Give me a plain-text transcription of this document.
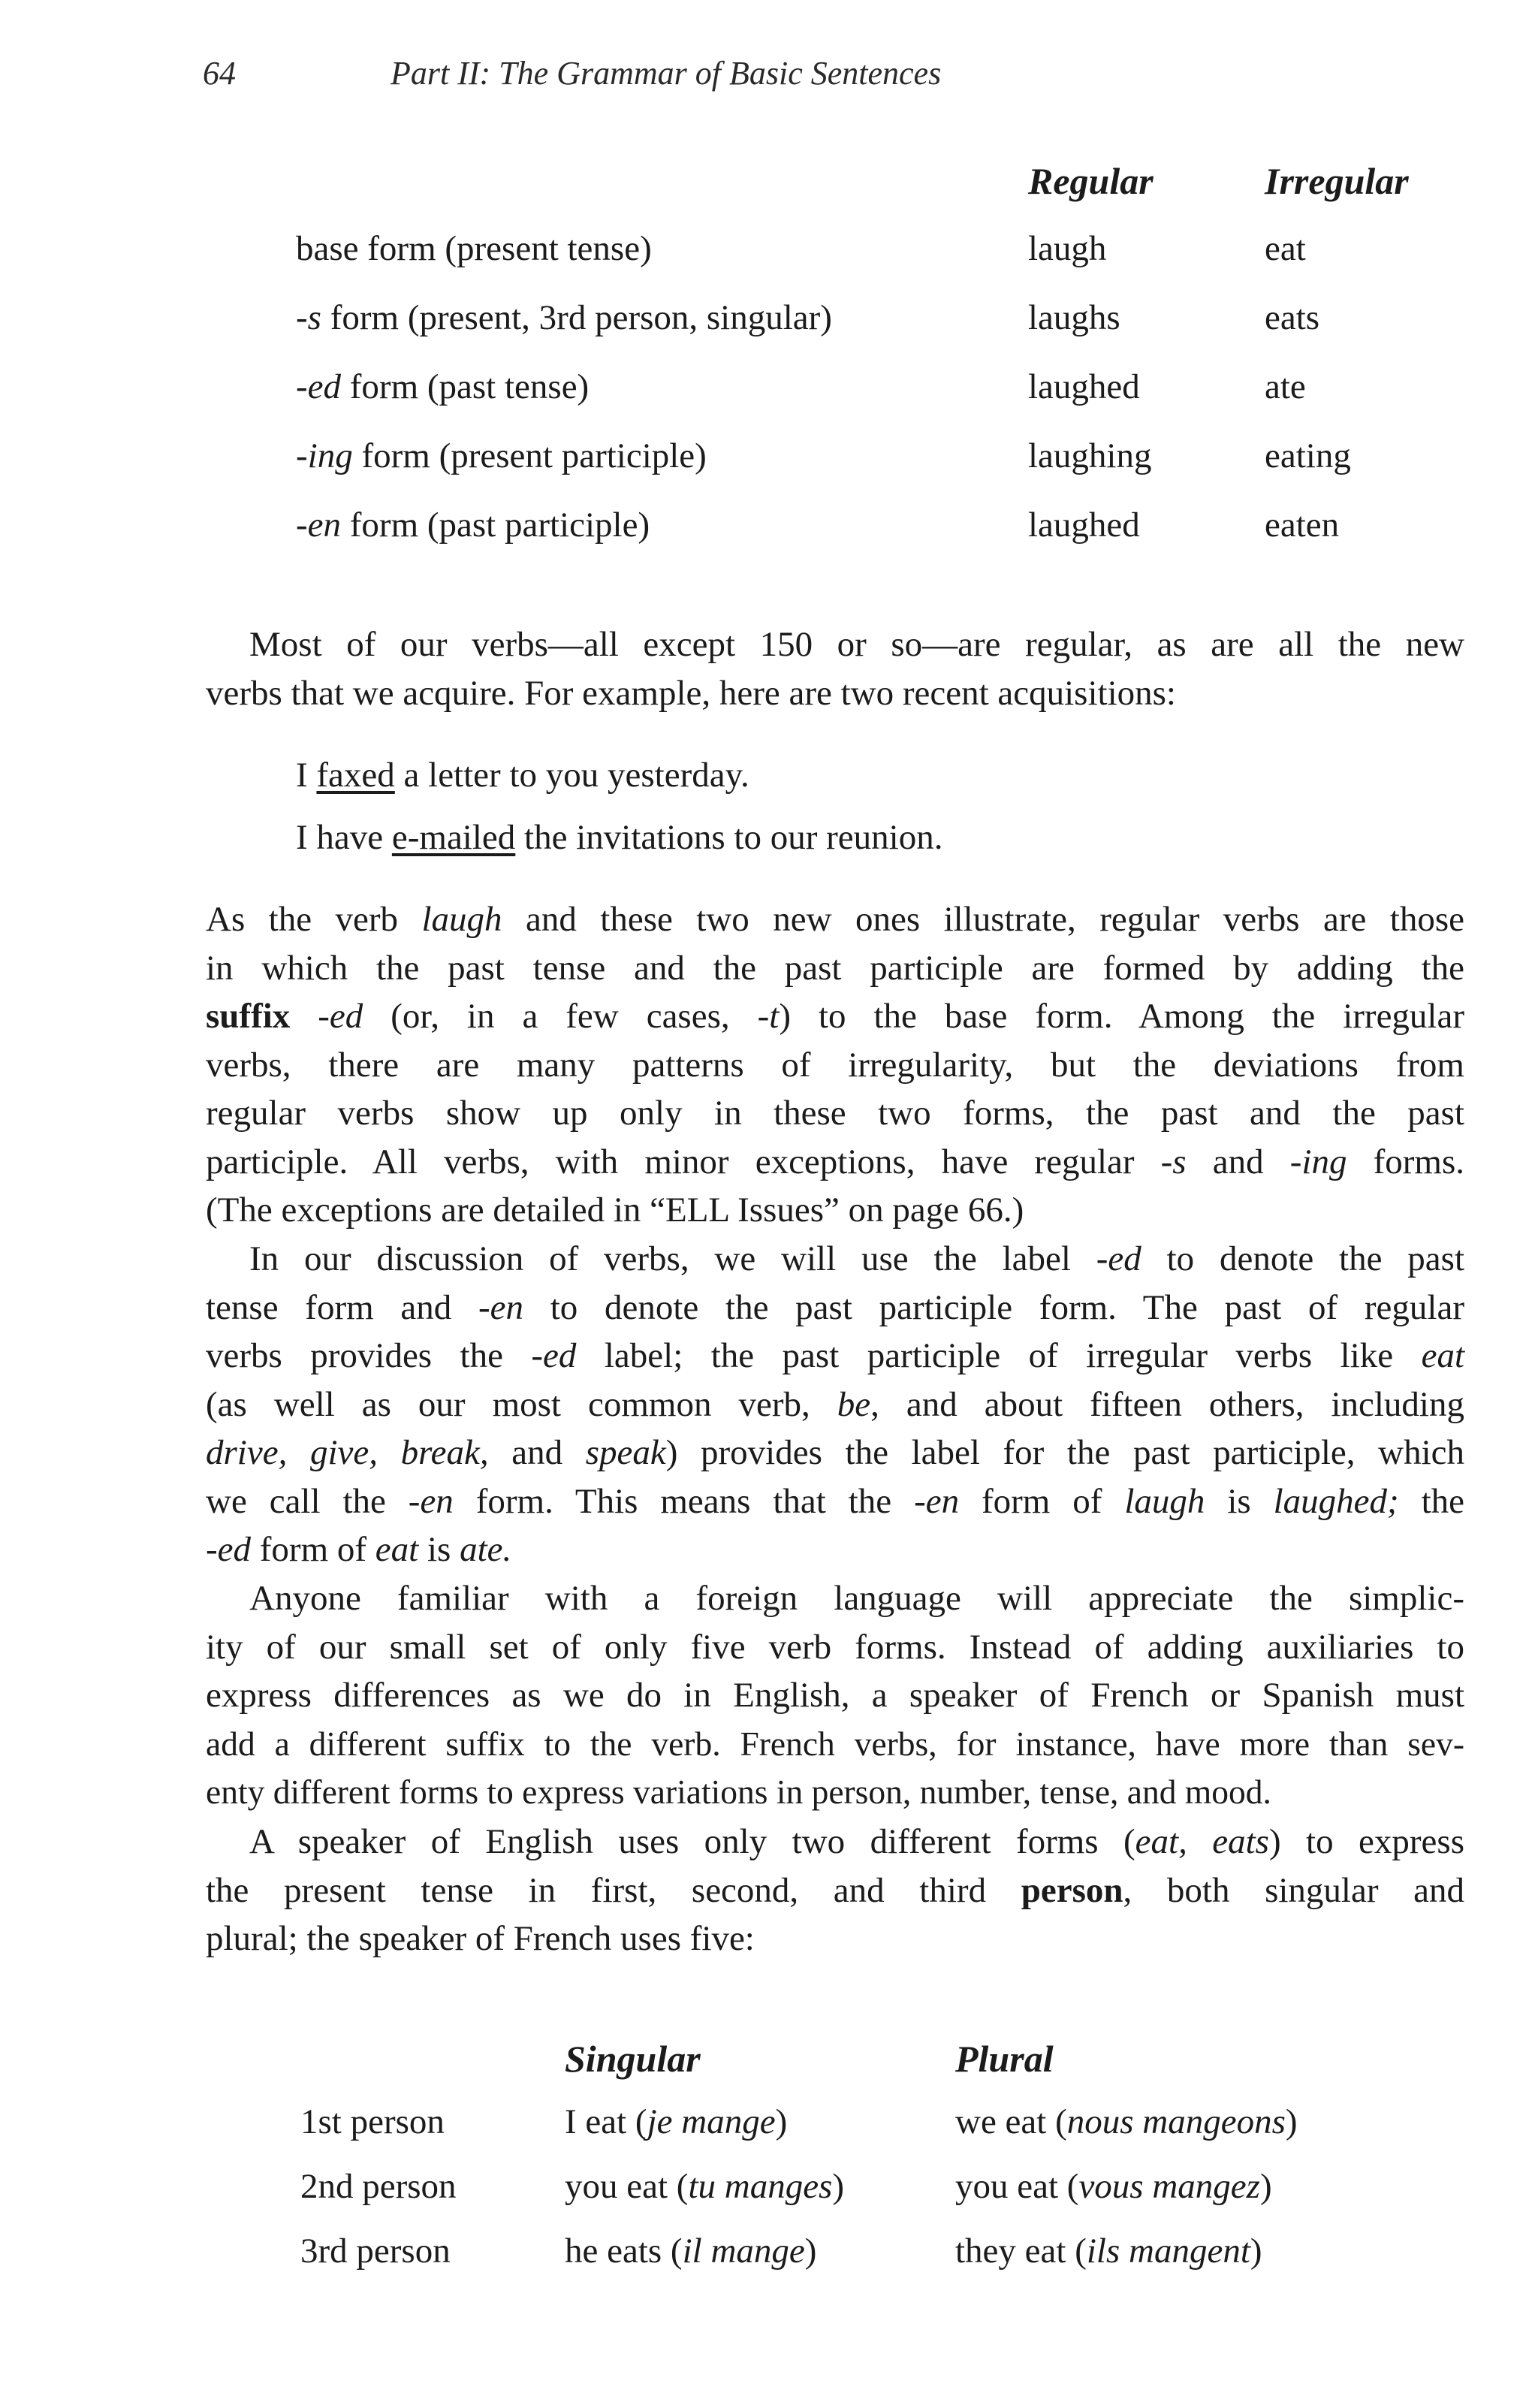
64	Part II: The Grammar of Basic Sentences
Regular	Irregular
base form (present tense)	laugh	eat
-s form (present, 3rd person, singular)	laughs	eats
-ed form (past tense)	laughed	ate
-ing form (present participle)	laughing	eating
-en form (past participle)	laughed	eaten
Most of our verbs—all except 150 or so—are regular, as are all the new
verbs that we acquire. For example, here are two recent acquisitions:
I faxed a letter to you yesterday.
I have e-mailed the invitations to our reunion.
As the verb laugh and these two new ones illustrate, regular verbs are those
in which the past tense and the past participle are formed by adding the
suffix -ed (or, in a few cases, -t) to the base form. Among the irregular
verbs, there are many patterns of irregularity, but the deviations from
regular verbs show up only in these two forms, the past and the past
participle. All verbs, with minor exceptions, have regular -s and -ing forms.
(The exceptions are detailed in “ELL Issues” on page 66.)
In our discussion of verbs, we will use the label -ed to denote the past
tense form and -en to denote the past participle form. The past of regular
verbs provides the -ed label; the past participle of irregular verbs like eat
(as well as our most common verb, be, and about fifteen others, including
drive, give, break, and speak) provides the label for the past participle, which
we call the -en form. This means that the -en form of laugh is laughed; the
-ed form of eat is ate.
Anyone familiar with a foreign language will appreciate the simplic-
ity of our small set of only five verb forms. Instead of adding auxiliaries to
express differences as we do in English, a speaker of French or Spanish must
add a different suffix to the verb. French verbs, for instance, have more than sev-
enty different forms to express variations in person, number, tense, and mood.
A speaker of English uses only two different forms (eat, eats) to express
the present tense in first, second, and third person, both singular and
plural; the speaker of French uses five:
Singular	Plural
1st person	I eat (je mange)	we eat (nous mangeons)
2nd person	you eat (tu manges)	you eat (vous mangez)
3rd person	he eats (il mange)	they eat (ils mangent)
